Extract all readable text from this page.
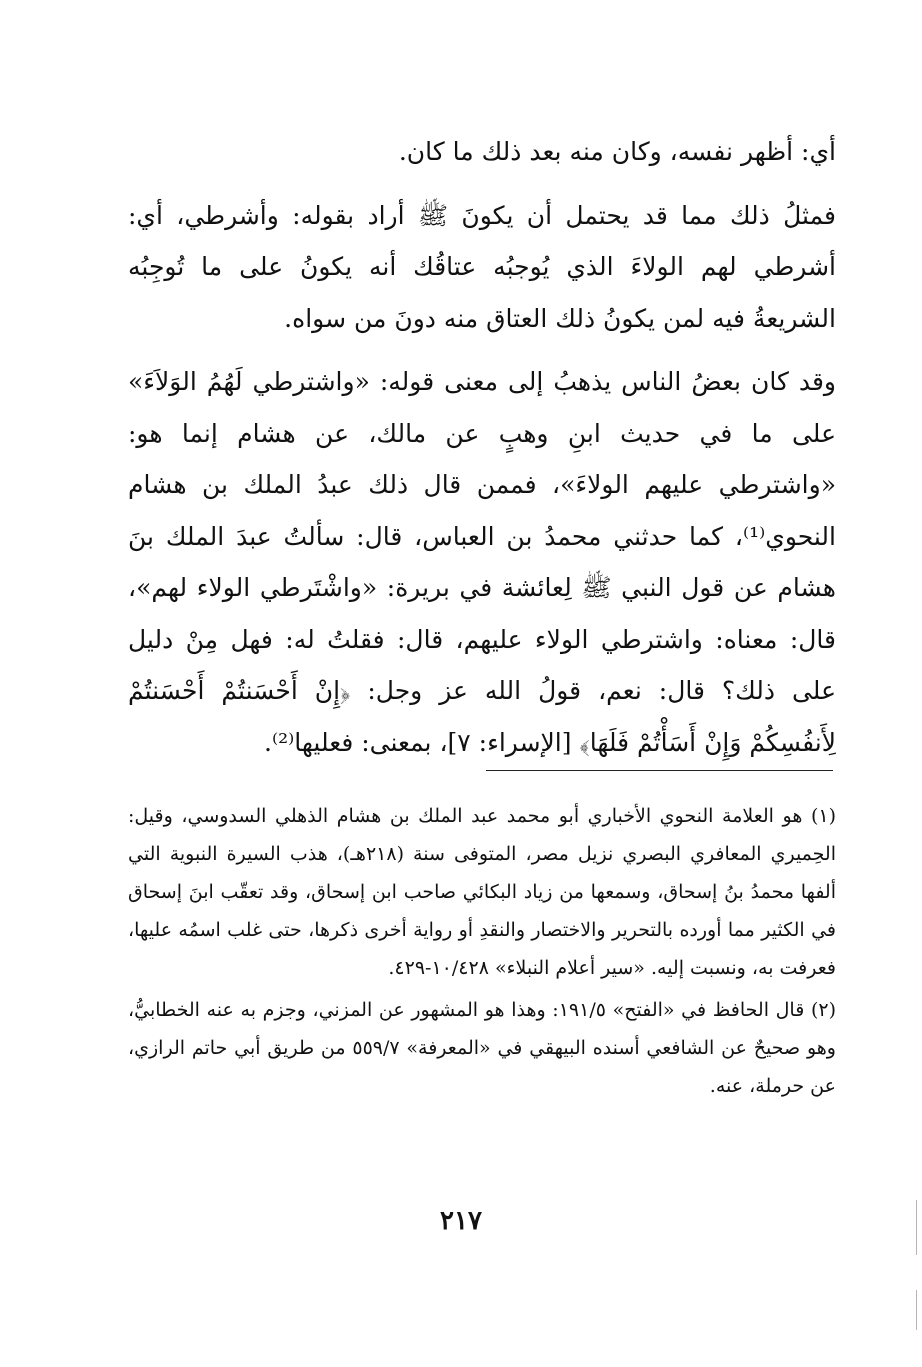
أي: أظهر نفسه، وكان منه بعد ذلك ما كان.

فمثلُ ذلك مما قد يحتمل أن يكونَ ﷺ أراد بقوله: وأشرطي، أي: أشرطي لهم الولاءَ الذي يُوجبُه عتاقُك أنه يكونُ على ما تُوجِبُه الشريعةُ فيه لمن يكونُ ذلك العتاق منه دونَ من سواه.

وقد كان بعضُ الناس يذهبُ إلى معنى قوله: «واشترطي لَهُمُ الوَلاَءَ» على ما في حديث ابنِ وهبٍ عن مالك، عن هشام إنما هو: «واشترطي عليهم الولاءَ»، فممن قال ذلك عبدُ الملك بن هشام النحوي⁽¹⁾، كما حدثني محمدُ بن العباس، قال: سألتُ عبدَ الملك بنَ هشام عن قول النبي ﷺ لِعائشة في بريرة: «واشْتَرطي الولاء لهم»، قال: معناه: واشترطي الولاء عليهم، قال: فقلتُ له: فهل مِنْ دليل على ذلك؟ قال: نعم، قولُ الله عز وجل: ﴿إِنْ أَحْسَنتُمْ أَحْسَنتُمْ لِأَنفُسِكُمْ وَإِنْ أَسَأْتُمْ فَلَهَا﴾ [الإسراء: ٧]، بمعنى: فعليها⁽²⁾.

(١) هو العلامة النحوي الأخباري أبو محمد عبد الملك بن هشام الذهلي السدوسي، وقيل: الحِميري المعافري البصري نزيل مصر، المتوفى سنة (٢١٨هـ)، هذب السيرة النبوية التي ألفها محمدُ بنُ إسحاق، وسمعها من زياد البكائي صاحب ابن إسحاق، وقد تعقّب ابنَ إسحاق في الكثير مما أورده بالتحرير والاختصار والنقدِ أو رواية أخرى ذكرها، حتى غلب اسمُه عليها، فعرفت به، ونسبت إليه. «سير أعلام النبلاء» ١٠/٤٢٨-٤٢٩.

(٢) قال الحافظ في «الفتح» ١٩١/٥: وهذا هو المشهور عن المزني، وجزم به عنه الخطابيُّ، وهو صحيحٌ عن الشافعي أسنده البيهقي في «المعرفة» ٥٥٩/٧ من طريق أبي حاتم الرازي، عن حرملة، عنه.

٢١٧
